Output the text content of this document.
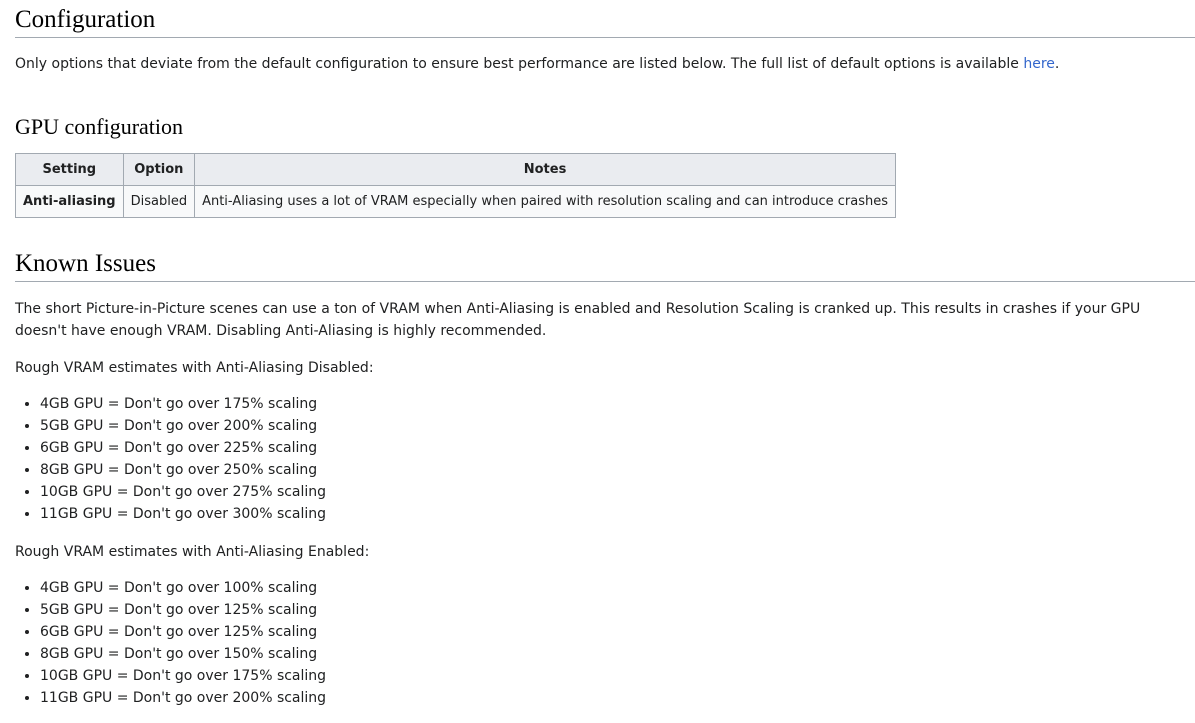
Configuration

Only options that deviate from the default configuration to ensure best performance are listed below. The full list of default options is available here.

GPU configuration
Setting	Option	Notes
Anti-aliasing	Disabled	Anti-Aliasing uses a lot of VRAM especially when paired with resolution scaling and can introduce crashes
Known Issues

The short Picture-in-Picture scenes can use a ton of VRAM when Anti-Aliasing is enabled and Resolution Scaling is cranked up. This results in crashes if your GPU doesn't have enough VRAM. Disabling Anti-Aliasing is highly recommended.

Rough VRAM estimates with Anti-Aliasing Disabled:

• 4GB GPU = Don't go over 175% scaling
• 5GB GPU = Don't go over 200% scaling
• 6GB GPU = Don't go over 225% scaling
• 8GB GPU = Don't go over 250% scaling
• 10GB GPU = Don't go over 275% scaling
• 11GB GPU = Don't go over 300% scaling

Rough VRAM estimates with Anti-Aliasing Enabled:

• 4GB GPU = Don't go over 100% scaling
• 5GB GPU = Don't go over 125% scaling
• 6GB GPU = Don't go over 125% scaling
• 8GB GPU = Don't go over 150% scaling
• 10GB GPU = Don't go over 175% scaling
• 11GB GPU = Don't go over 200% scaling
